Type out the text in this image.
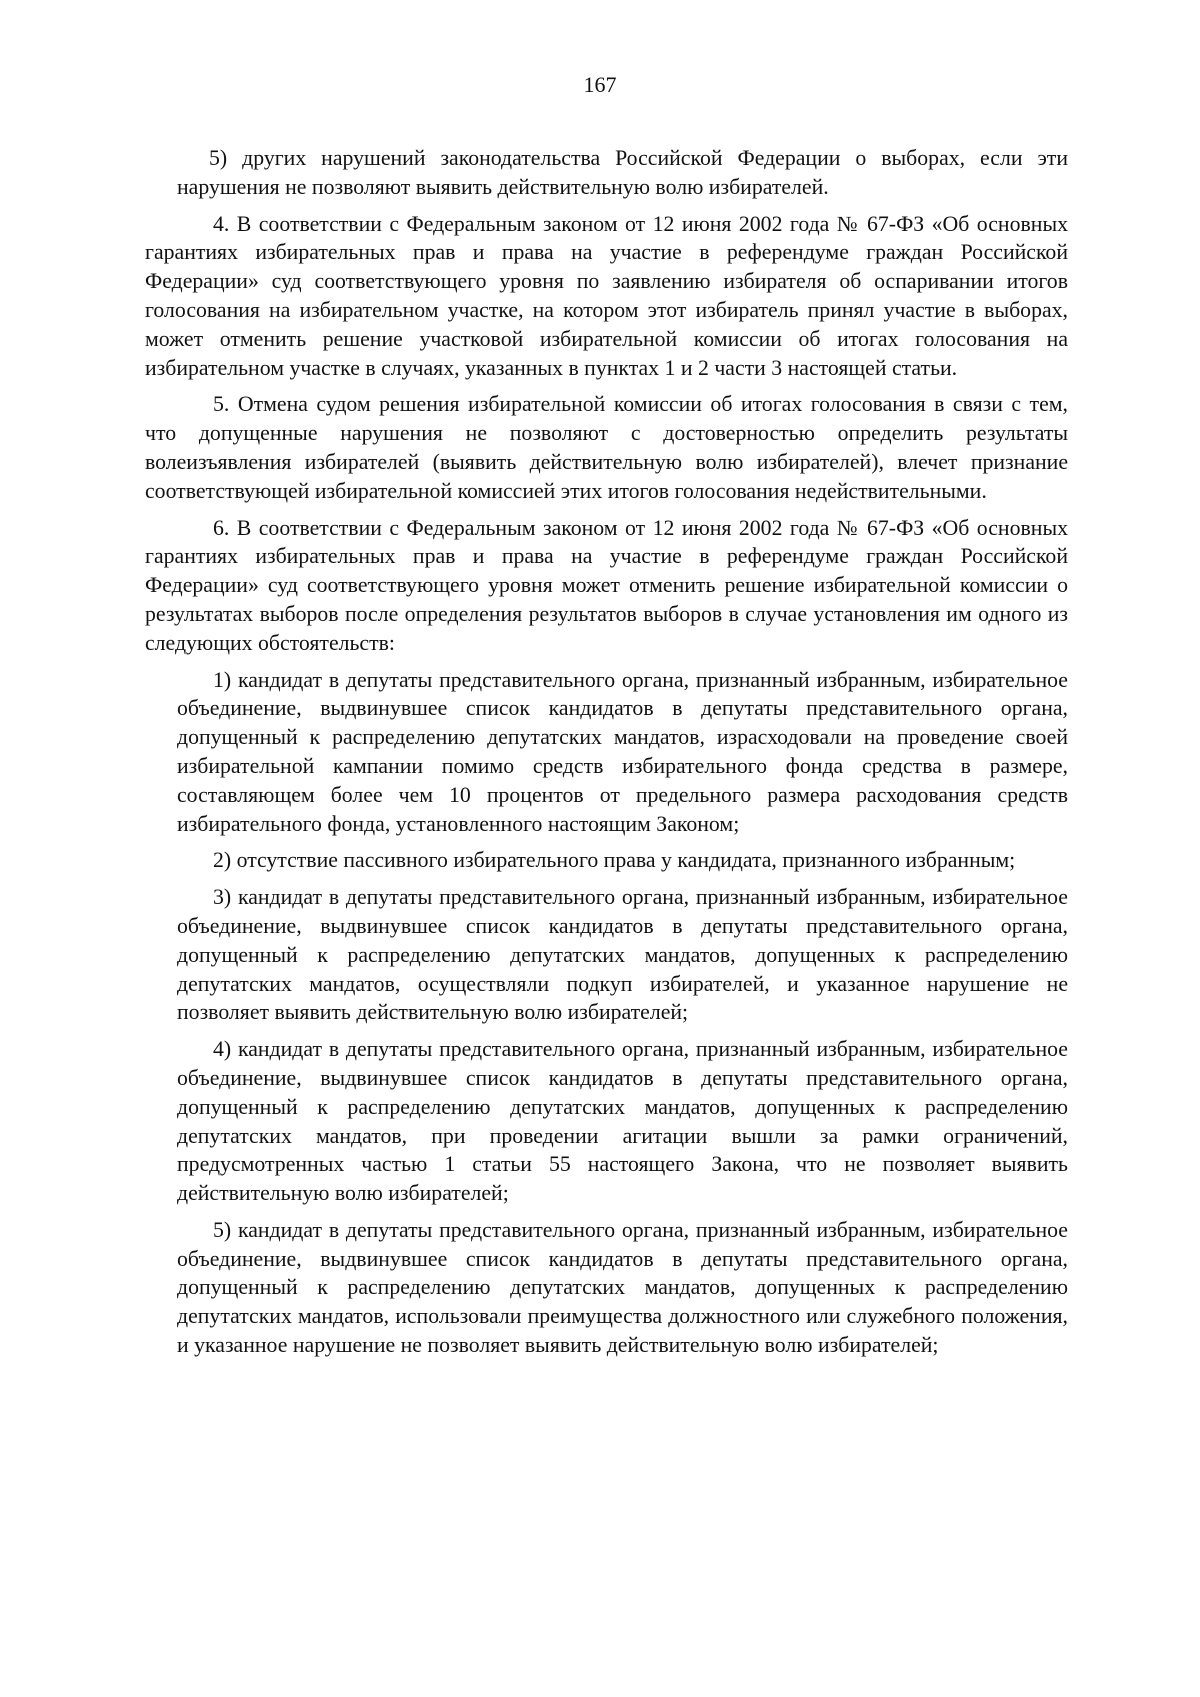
167

5) других нарушений законодательства Российской Федерации о выборах, если эти нарушения не позволяют выявить действительную волю избирателей.

4. В соответствии с Федеральным законом от 12 июня 2002 года № 67-ФЗ «Об основных гарантиях избирательных прав и права на участие в референдуме граждан Российской Федерации» суд соответствующего уровня по заявлению избирателя об оспаривании итогов голосования на избирательном участке, на котором этот избиратель принял участие в выборах, может отменить решение участковой избирательной комиссии об итогах голосования на избирательном участке в случаях, указанных в пунктах 1 и 2 части 3 настоящей статьи.

5. Отмена судом решения избирательной комиссии об итогах голосования в связи с тем, что допущенные нарушения не позволяют с достоверностью определить результаты волеизъявления избирателей (выявить действительную волю избирателей), влечет признание соответствующей избирательной комиссией этих итогов голосования недействительными.

6. В соответствии с Федеральным законом от 12 июня 2002 года № 67-ФЗ «Об основных гарантиях избирательных прав и права на участие в референдуме граждан Российской Федерации» суд соответствующего уровня может отменить решение избирательной комиссии о результатах выборов после определения результатов выборов в случае установления им одного из следующих обстоятельств:

1) кандидат в депутаты представительного органа, признанный избранным, избирательное объединение, выдвинувшее список кандидатов в депутаты представительного органа, допущенный к распределению депутатских мандатов, израсходовали на проведение своей избирательной кампании помимо средств избирательного фонда средства в размере, составляющем более чем 10 процентов от предельного размера расходования средств избирательного фонда, установленного настоящим Законом;

2) отсутствие пассивного избирательного права у кандидата, признанного избранным;

3) кандидат в депутаты представительного органа, признанный избранным, избирательное объединение, выдвинувшее список кандидатов в депутаты представительного органа, допущенный к распределению депутатских мандатов, допущенных к распределению депутатских мандатов, осуществляли подкуп избирателей, и указанное нарушение не позволяет выявить действительную волю избирателей;

4) кандидат в депутаты представительного органа, признанный избранным, избирательное объединение, выдвинувшее список кандидатов в депутаты представительного органа, допущенный к распределению депутатских мандатов, допущенных к распределению депутатских мандатов, при проведении агитации вышли за рамки ограничений, предусмотренных частью 1 статьи 55 настоящего Закона, что не позволяет выявить действительную волю избирателей;

5) кандидат в депутаты представительного органа, признанный избранным, избирательное объединение, выдвинувшее список кандидатов в депутаты представительного органа, допущенный к распределению депутатских мандатов, допущенных к распределению депутатских мандатов, использовали преимущества должностного или служебного положения, и указанное нарушение не позволяет выявить действительную волю избирателей;
